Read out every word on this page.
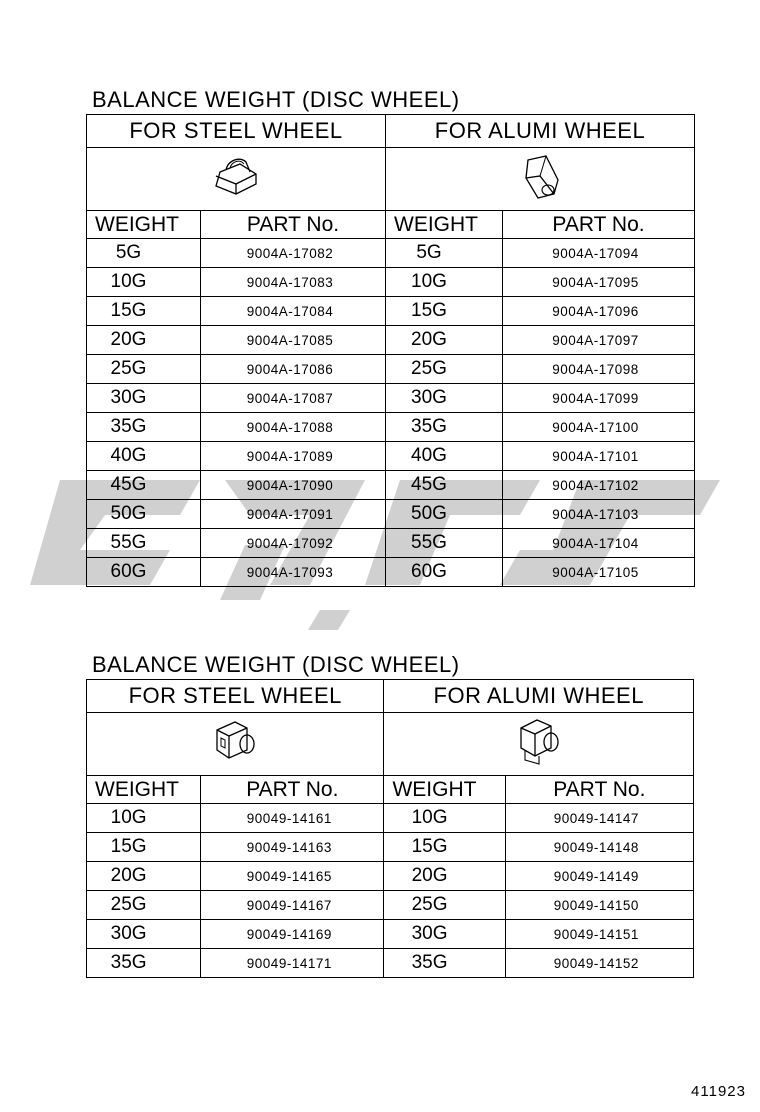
BALANCE WEIGHT (DISC WHEEL)
FOR STEEL WHEEL		FOR ALUMI WHEEL	

WEIGHT	PART No.	WEIGHT	PART No.
5G	9004A-17082	5G	9004A-17094
10G	9004A-17083	10G	9004A-17095
15G	9004A-17084	15G	9004A-17096
20G	9004A-17085	20G	9004A-17097
25G	9004A-17086	25G	9004A-17098
30G	9004A-17087	30G	9004A-17099
35G	9004A-17088	35G	9004A-17100
40G	9004A-17089	40G	9004A-17101
45G	9004A-17090	45G	9004A-17102
50G	9004A-17091	50G	9004A-17103
55G	9004A-17092	55G	9004A-17104
60G	9004A-17093	60G	9004A-17105
BALANCE WEIGHT (DISC WHEEL)
FOR STEEL WHEEL		FOR ALUMI WHEEL	

WEIGHT	PART No.	WEIGHT	PART No.
10G	90049-14161	10G	90049-14147
15G	90049-14163	15G	90049-14148
20G	90049-14165	20G	90049-14149
25G	90049-14167	25G	90049-14150
30G	90049-14169	30G	90049-14151
35G	90049-14171	35G	90049-14152
411923
